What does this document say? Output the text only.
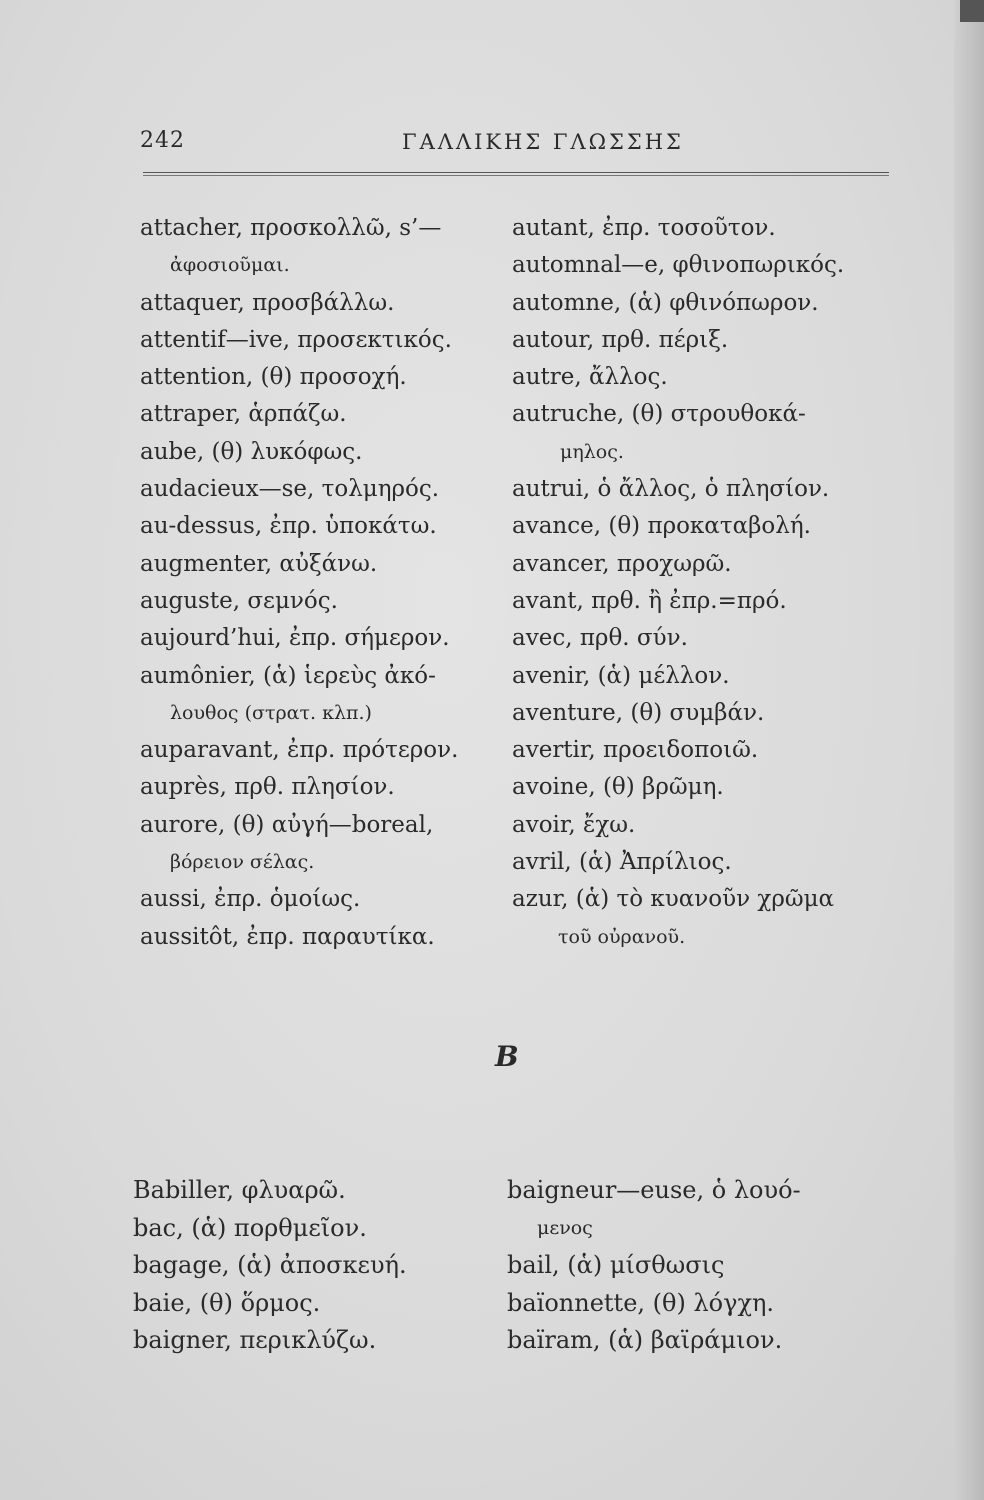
242	ΓΑΛΛΙΚΗΣ ΓΛΩΣΣΗΣ
attacher, προσκολλῶ, s’—
ἀφοσιοῦμαι.
attaquer, προσβάλλω.
attentif—ive, προσεκτικός.
attention, (θ) προσοχή.
attraper, ἁρπάζω.
aube, (θ) λυκόφως.
audacieux—se, τολμηρός.
au-dessus, ἐπρ. ὑποκάτω.
augmenter, αὐξάνω.
auguste, σεμνός.
aujourd’hui, ἐπρ. σήμερον.
aumônier, (ἁ) ἱερεὺς ἀκό-
λουθος (στρατ. κλπ.)
auparavant, ἐπρ. πρότερον.
auprès, πρθ. πλησίον.
aurore, (θ) αὐγή—boreal,
βόρειον σέλας.
aussi, ἐπρ. ὁμοίως.
aussitôt, ἐπρ. παραυτίκα.
autant, ἐπρ. τοσοῦτον.
automnal—e, φθινοπωρικός.
automne, (ἁ) φθινόπωρον.
autour, πρθ. πέριξ.
autre, ἄλλος.
autruche, (θ) στρουθοκά-
μηλος.
autrui, ὁ ἄλλος, ὁ πλησίον.
avance, (θ) προκαταβολή.
avancer, προχωρῶ.
avant, πρθ. ἢ ἐπρ.=πρό.
avec, πρθ. σύν.
avenir, (ἁ) μέλλον.
aventure, (θ) συμβάν.
avertir, προειδοποιῶ.
avoine, (θ) βρῶμη.
avoir, ἔχω.
avril, (ἁ) Ἀπρίλιος.
azur, (ἁ) τὸ κυανοῦν χρῶμα
τοῦ οὐρανοῦ.
B
Babiller, φλυαρῶ.
bac, (ἁ) πορθμεῖον.
bagage, (ἁ) ἀποσκευή.
baie, (θ) ὅρμος.
baigner, περικλύζω.
baigneur—euse, ὁ λουό-
μενος
bail, (ἁ) μίσθωσις
baïonnette, (θ) λόγχη.
baïram, (ἁ) βαϊράμιον.
